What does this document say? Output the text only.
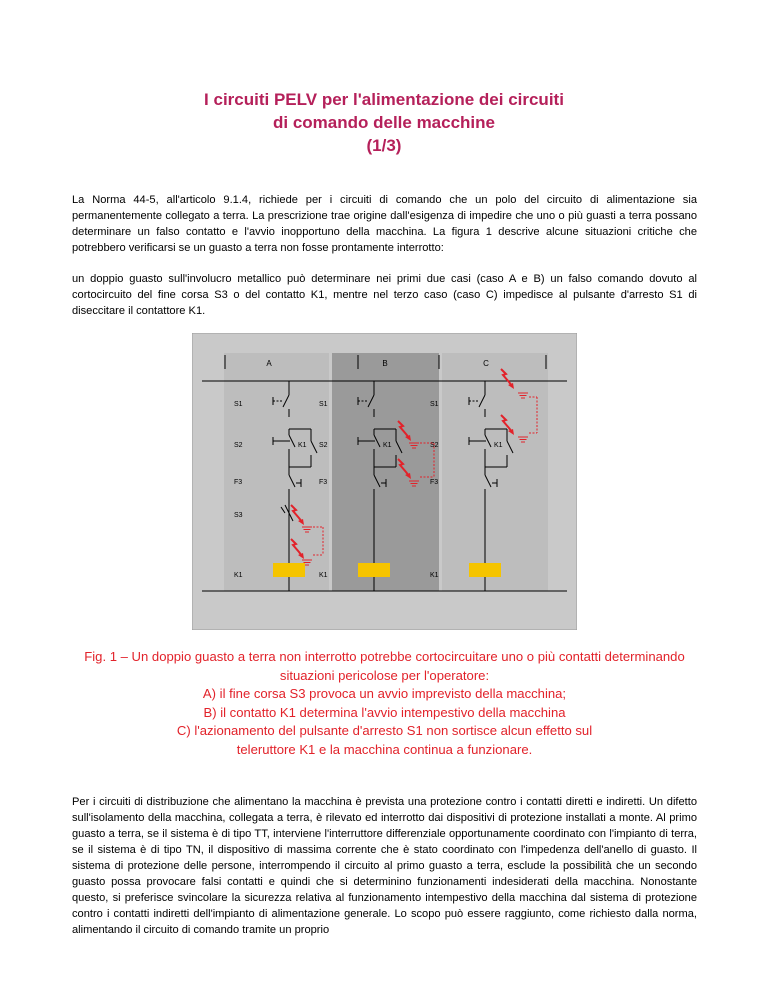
I circuiti PELV per l'alimentazione dei circuiti
di comando delle macchine
(1/3)

La Norma 44-5, all'articolo 9.1.4, richiede per i circuiti di comando che un polo del circuito di alimentazione sia permanentemente collegato a terra. La prescrizione trae origine dall'esigenza di impedire che uno o più guasti a terra possano determinare un falso contatto e l'avvio inopportuno della macchina. La figura 1 descrive alcune situazioni critiche che potrebbero verificarsi se un guasto a terra non fosse prontamente interrotto:

un doppio guasto sull'involucro metallico può determinare nei primi due casi (caso A e B) un falso comando dovuto al cortocircuito del fine corsa S3 o del contatto K1, mentre nel terzo caso (caso C) impedisce al pulsante d'arresto S1 di diseccitare il contattore K1.

A	B	C
S1
S2	K1
F3
K1
S1
S2	K1
F3
K1
S1
S2	K1
F3
K1
S3
Fig. 1 – Un doppio guasto a terra non interrotto potrebbe cortocircuitare uno o più contatti determinando
situazioni pericolose per l'operatore:
A) il fine corsa S3 provoca un avvio imprevisto della macchina;
B) il contatto K1 determina l'avvio intempestivo della macchina
C) l'azionamento del pulsante d'arresto S1 non sortisce alcun effetto sul
teleruttore K1 e la macchina continua a funzionare.

Per i circuiti di distribuzione che alimentano la macchina è prevista una protezione contro i contatti diretti e indiretti. Un difetto sull'isolamento della macchina, collegata a terra, è rilevato ed interrotto dai dispositivi di protezione installati a monte. Al primo guasto a terra, se il sistema è di tipo TT, interviene l'interruttore differenziale opportunamente coordinato con l'impianto di terra, se il sistema è di tipo TN, il dispositivo di massima corrente che è stato coordinato con l'impedenza dell'anello di guasto. Il sistema di protezione delle persone, interrompendo il circuito al primo guasto a terra, esclude la possibilità che un secondo guasto possa provocare falsi contatti e quindi che si determinino funzionamenti indesiderati della macchina. Nonostante questo, si preferisce svincolare la sicurezza relativa al funzionamento intempestivo della macchina dal sistema di protezione contro i contatti indiretti dell'impianto di alimentazione generale. Lo scopo può essere raggiunto, come richiesto dalla norma, alimentando il circuito di comando tramite un proprio
